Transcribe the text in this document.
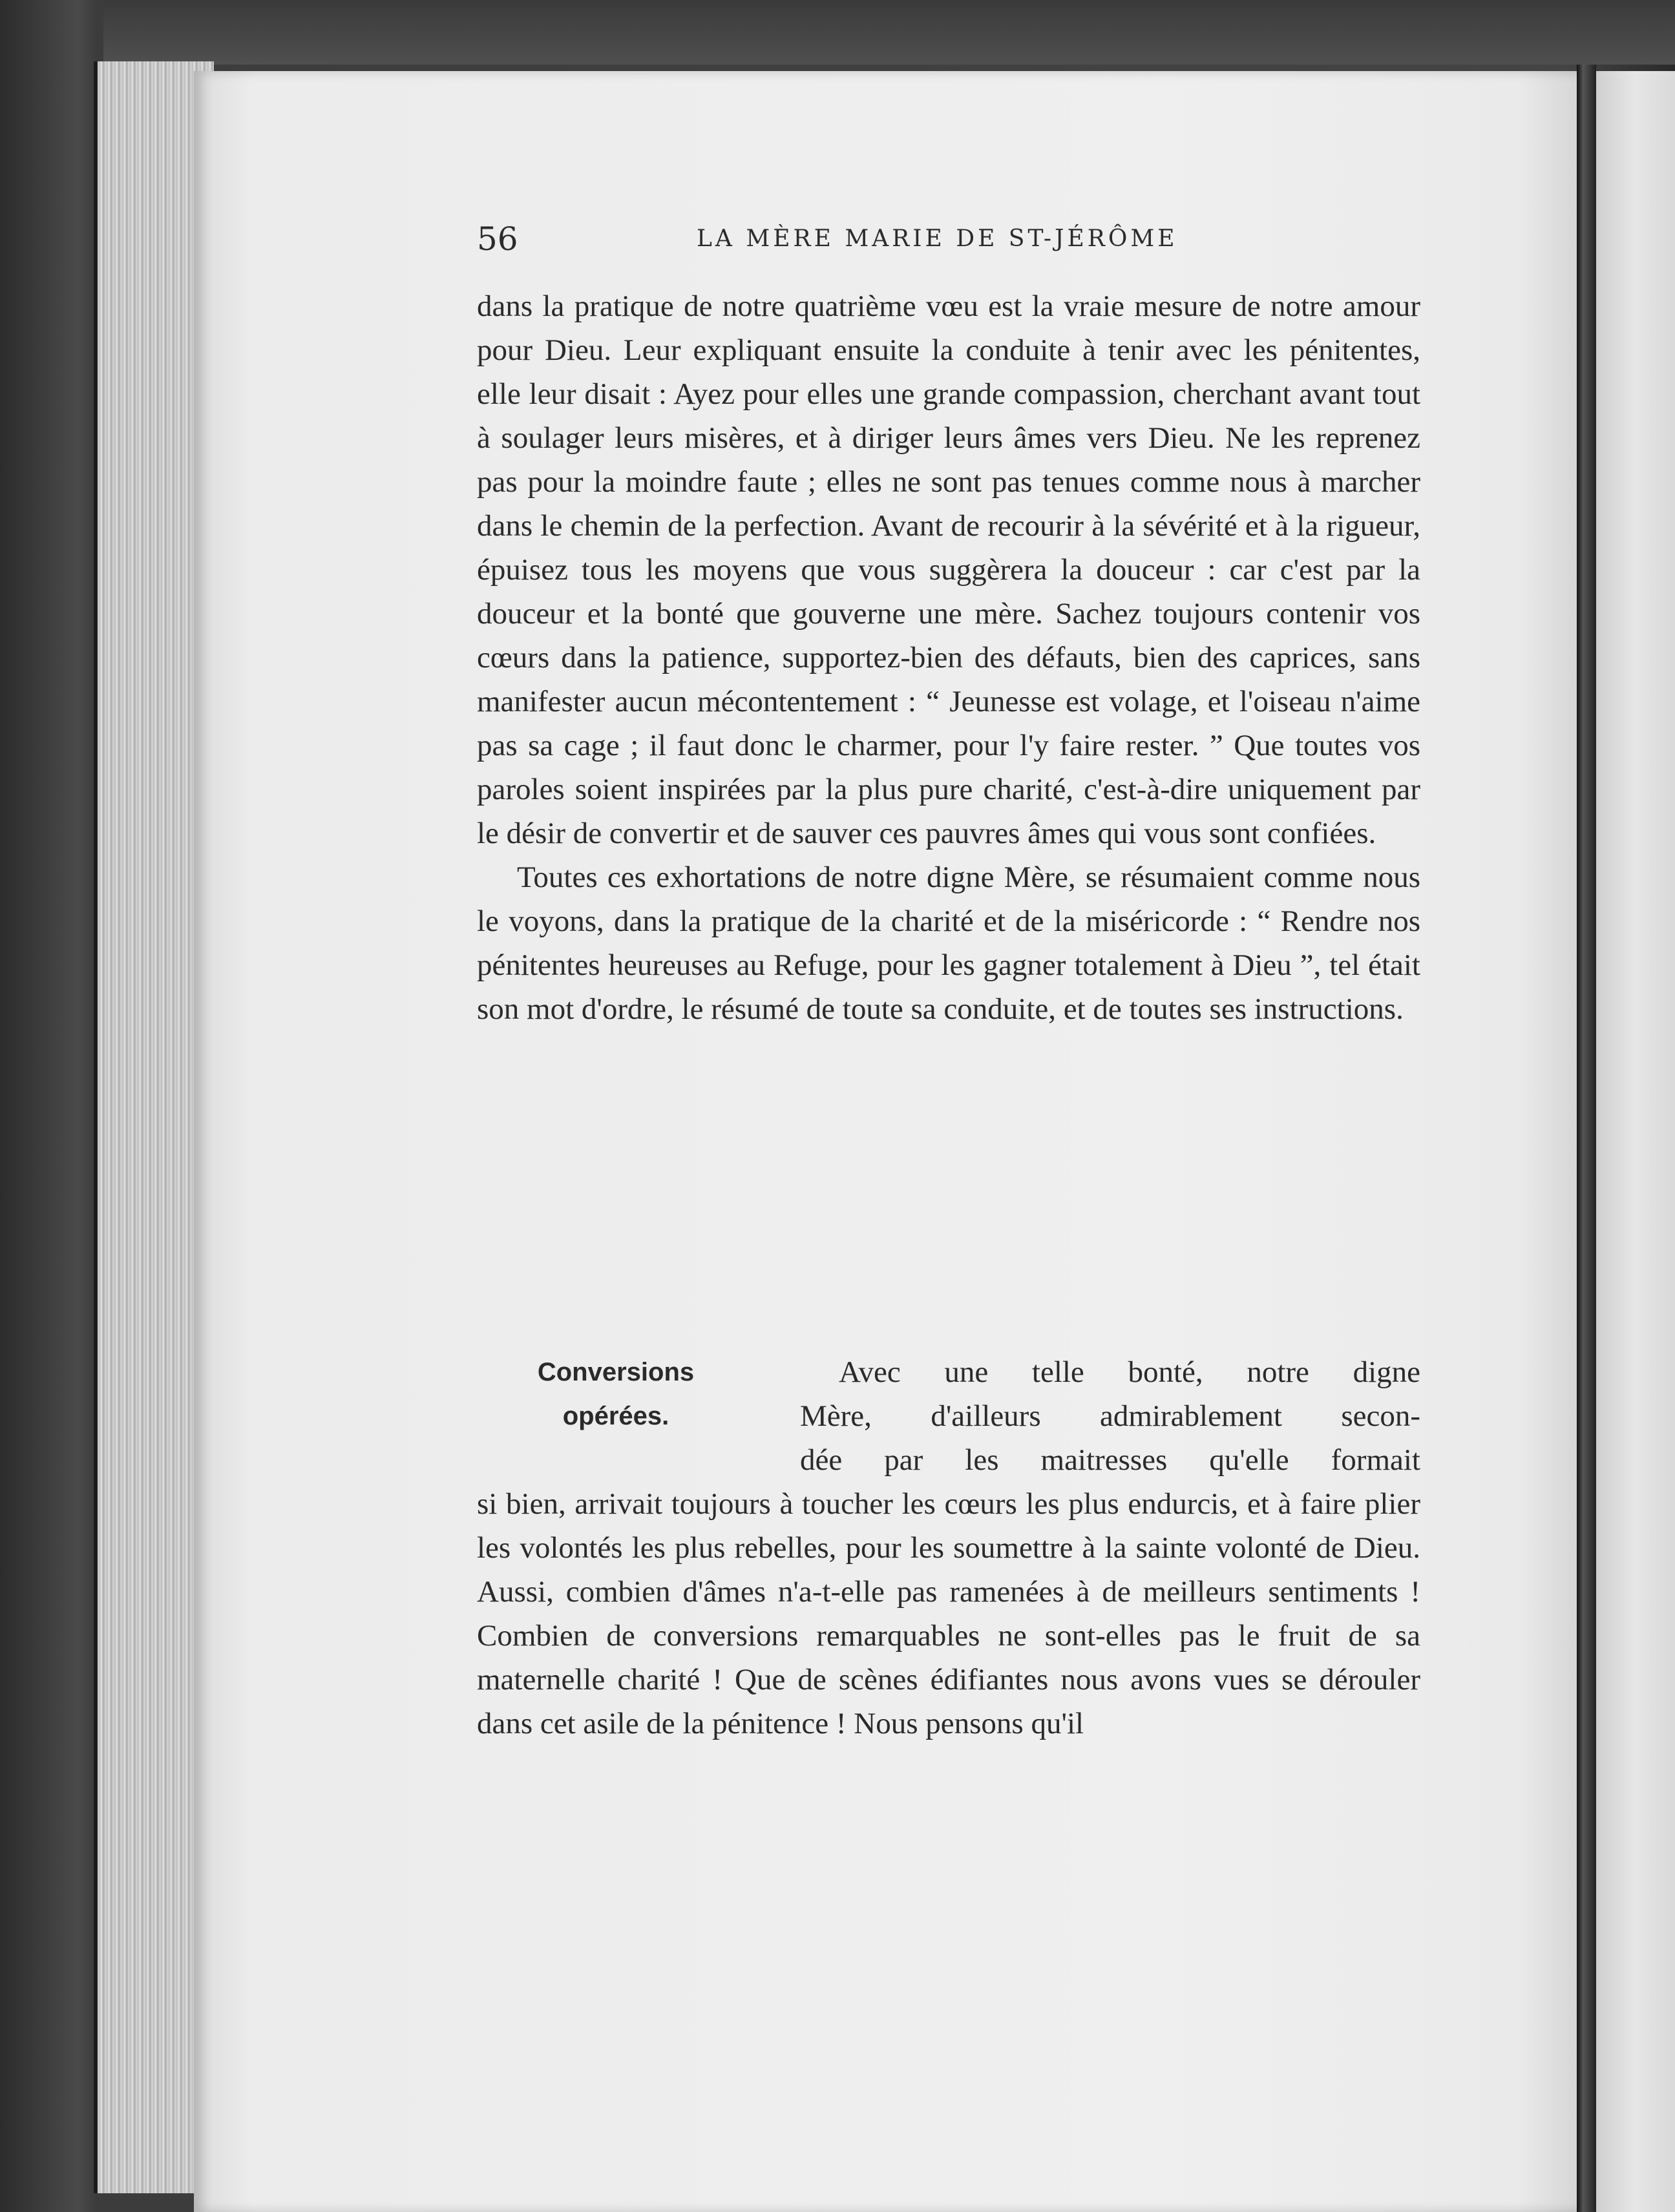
56	LA MÈRE MARIE DE ST-JÉRÔME

dans la pratique de notre quatrième vœu est la vraie mesure de notre amour pour Dieu. Leur expliquant ensuite la conduite à tenir avec les pénitentes, elle leur disait : Ayez pour elles une grande compassion, cherchant avant tout à soulager leurs misères, et à diriger leurs âmes vers Dieu. Ne les reprenez pas pour la moindre faute ; elles ne sont pas tenues comme nous à marcher dans le chemin de la perfection. Avant de recourir à la sévérité et à la rigueur, épuisez tous les moyens que vous suggèrera la douceur : car c'est par la douceur et la bonté que gouverne une mère. Sachez toujours contenir vos cœurs dans la patience, supportez-bien des défauts, bien des caprices, sans manifester aucun mécontentement : “ Jeunesse est volage, et l'oiseau n'aime pas sa cage ; il faut donc le charmer, pour l'y faire rester. ” Que toutes vos paroles soient inspirées par la plus pure charité, c'est-à-dire uniquement par le désir de convertir et de sauver ces pauvres âmes qui vous sont confiées.

Toutes ces exhortations de notre digne Mère, se résumaient comme nous le voyons, dans la pratique de la charité et de la miséricorde : “ Rendre nos pénitentes heureuses au Refuge, pour les gagner totalement à Dieu ”, tel était son mot d'ordre, le résumé de toute sa conduite, et de toutes ses instructions.

Conversions
opérées.
Avec une telle bonté, notre digne
Mère, d'ailleurs admirablement secon-
dée par les maitresses qu'elle formait
si bien, arrivait toujours à toucher les cœurs les plus endurcis, et à faire plier les volontés les plus rebelles, pour les soumettre à la sainte volonté de Dieu. Aussi, combien d'âmes n'a-t-elle pas ramenées à de meilleurs sentiments ! Combien de conversions remarquables ne sont-elles pas le fruit de sa maternelle charité ! Que de scènes édifiantes nous avons vues se dérouler dans cet asile de la pénitence ! Nous pensons qu'il
